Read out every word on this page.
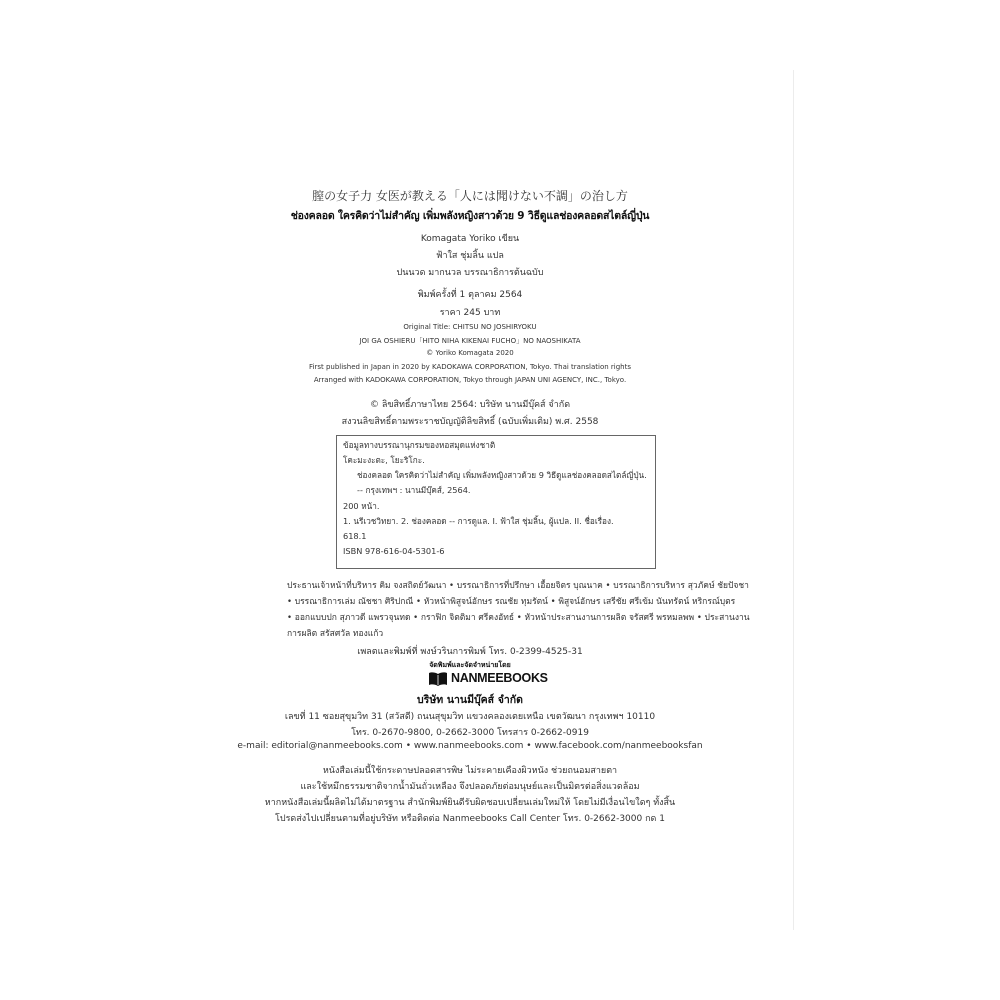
膣の女子力 女医が教える「人には聞けない不調」の治し方
ช่องคลอด ใครคิดว่าไม่สำคัญ เพิ่มพลังหญิงสาวด้วย 9 วิธีดูแลช่องคลอดสไตล์ญี่ปุ่น
Komagata Yoriko เขียน
ฟ้าใส ชุ่มลิ้น แปล
ปนนวด มากนวล บรรณาธิการต้นฉบับ
พิมพ์ครั้งที่ 1 ตุลาคม 2564
ราคา 245 บาท
Original Title: CHITSU NO JOSHIRYOKU
JOI GA OSHIERU「HITO NIHA KIKENAI FUCHO」NO NAOSHIKATA
© Yoriko Komagata 2020
First published in Japan in 2020 by KADOKAWA CORPORATION, Tokyo. Thai translation rights
Arranged with KADOKAWA CORPORATION, Tokyo through JAPAN UNI AGENCY, INC., Tokyo.
© ลิขสิทธิ์ภาษาไทย 2564: บริษัท นานมีบุ๊คส์ จำกัด
สงวนลิขสิทธิ์ตามพระราชบัญญัติลิขสิทธิ์ (ฉบับเพิ่มเติม) พ.ศ. 2558
ข้อมูลทางบรรณานุกรมของหอสมุดแห่งชาติ
โคะมะงะตะ, โยะริโกะ.
ช่องคลอด ใครคิดว่าไม่สำคัญ เพิ่มพลังหญิงสาวด้วย 9 วิธีดูแลช่องคลอดสไตล์ญี่ปุ่น.
-- กรุงเทพฯ : นานมีบุ๊คส์, 2564.
200 หน้า.
1. นรีเวชวิทยา. 2. ช่องคลอด -- การดูแล. I. ฟ้าใส ชุ่มลิ้น, ผู้แปล. II. ชื่อเรื่อง.
618.1
ISBN 978-616-04-5301-6
ประธานเจ้าหน้าที่บริหาร คิม จงสถิตย์วัฒนา • บรรณาธิการที่ปรึกษา เอื้อยจิตร บุณนาค • บรรณาธิการบริหาร สุวภัคษ์ ชัยปัจชา
• บรรณาธิการเล่ม ณัชชา ศิริปกณี • หัวหน้าพิสูจน์อักษร รณชัย ทุมรัตน์ • พิสูจน์อักษร เสรีชัย ศรีเข้ม นันทรัตน์ หริกรณ์บุตร
• ออกแบบปก สุภาวดี แพรวจุนทด • กราฟิก จิตติมา ศรีคงอัทธ์ • หัวหน้าประสานงานการผลิต จรัสศรี พรหมลพพ • ประสานงาน
การผลิต สรัสศวัล ทองแก้ว
เพลตและพิมพ์ที่ พงษ์วรินการพิมพ์ โทร. 0-2399-4525-31
จัดพิมพ์และจัดจำหน่ายโดย
NANMEEBOOKS
บริษัท นานมีบุ๊คส์ จำกัด
เลขที่ 11 ซอยสุขุมวิท 31 (สวัสดี) ถนนสุขุมวิท แขวงคลองเตยเหนือ เขตวัฒนา กรุงเทพฯ 10110
โทร. 0-2670-9800, 0-2662-3000 โทรสาร 0-2662-0919
e-mail: editorial@nanmeebooks.com • www.nanmeebooks.com • www.facebook.com/nanmeebooksfan
หนังสือเล่มนี้ใช้กระดาษปลอดสารพิษ ไม่ระคายเคืองผิวหนัง ช่วยถนอมสายตา
และใช้หมึกธรรมชาติจากน้ำมันถั่วเหลือง จึงปลอดภัยต่อมนุษย์และเป็นมิตรต่อสิ่งแวดล้อม
หากหนังสือเล่มนี้ผลิตไม่ได้มาตรฐาน สำนักพิมพ์ยินดีรับผิดชอบเปลี่ยนเล่มใหม่ให้ โดยไม่มีเงื่อนไขใดๆ ทั้งสิ้น
โปรดส่งไปเปลี่ยนตามที่อยู่บริษัท หรือติดต่อ Nanmeebooks Call Center โทร. 0-2662-3000 กด 1
